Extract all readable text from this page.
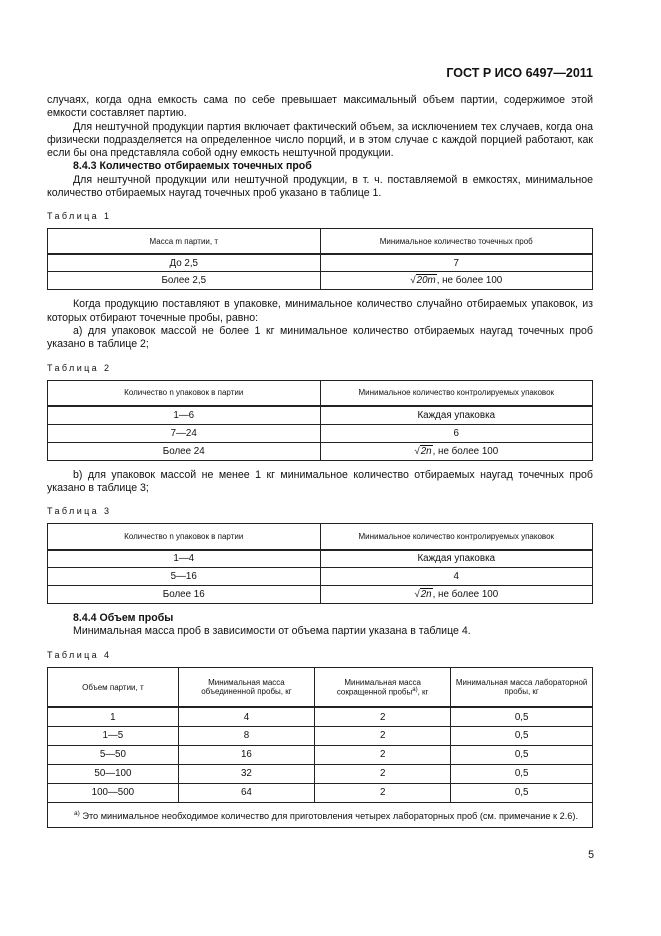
ГОСТ Р ИСО 6497—2011

случаях, когда одна емкость сама по себе превышает максимальный объем партии, содержимое этой емкости составляет партию.

Для нештучной продукции партия включает фактический объем, за исключением тех случаев, когда она физически подразделяется на определенное число порций, и в этом случае с каждой порцией работают, как если бы она представляла собой одну емкость нештучной продукции.

8.4.3 Количество отбираемых точечных проб

Для нештучной продукции или нештучной продукции, в т. ч. поставляемой в емкостях, минимальное количество отбираемых наугад точечных проб указано в таблице 1.

Таблица 1
Масса m партии, т	Минимальное количество точечных проб
До 2,5	7
Более 2,5	√20m, не более 100

Когда продукцию поставляют в упаковке, минимальное количество случайно отбираемых упаковок, из которых отбирают точечные пробы, равно:

а) для упаковок массой не более 1 кг минимальное количество отбираемых наугад точечных проб указано в таблице 2;

Таблица 2
Количество n упаковок в партии	Минимальное количество контролируемых упаковок
1—6	Каждая упаковка
7—24	6
Более 24	√2n, не более 100

b) для упаковок массой не менее 1 кг минимальное количество отбираемых наугад точечных проб указано в таблице 3;

Таблица 3
Количество n упаковок в партии	Минимальное количество контролируемых упаковок
1—4	Каждая упаковка
5—16	4
Более 16	√2n, не более 100

8.4.4 Объем пробы

Минимальная масса проб в зависимости от объема партии указана в таблице 4.

Таблица 4
Объем партии, т	Минимальная масса объединенной пробы, кг	Минимальная масса сокращенной пробы$^{а)}$, кг	Минимальная масса лабораторной пробы, кг
1	4	2	0,5
1—5	8	2	0,5
5—50	16	2	0,5
50—100	32	2	0,5
100—500	64	2	0,5
$^{а)}$ Это минимальное необходимое количество для приготовления четырех лабораторных проб (см. примечание к 2.6).			
5
